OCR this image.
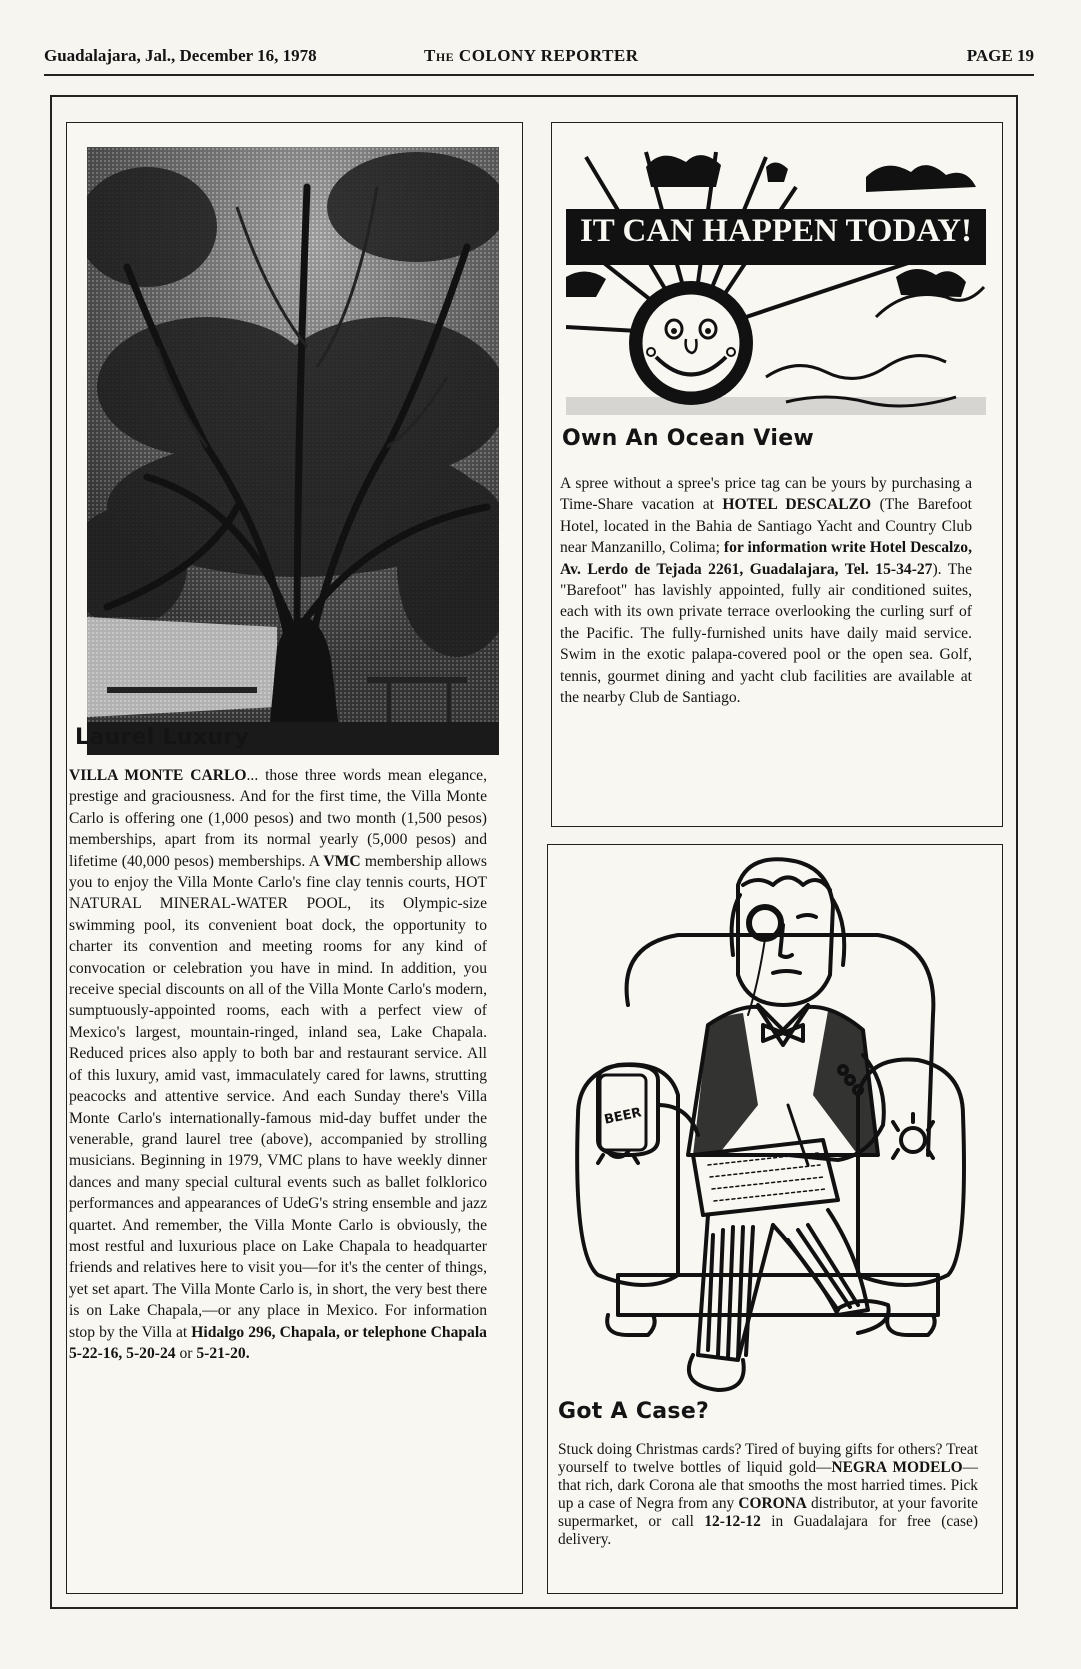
Guadalajara, Jal., December 16, 1978	The COLONY REPORTER	PAGE 19
Laurel Luxury

VILLA MONTE CARLO... those three words mean elegance, prestige and graciousness. And for the first time, the Villa Monte Carlo is offering one (1,000 pesos) and two month (1,500 pesos) memberships, apart from its normal yearly (5,000 pesos) and lifetime (40,000 pesos) memberships. A VMC membership allows you to enjoy the Villa Monte Carlo's fine clay tennis courts, HOT NATURAL MINERAL-WATER POOL, its Olympic-size swimming pool, its convenient boat dock, the opportunity to charter its convention and meeting rooms for any kind of convocation or celebration you have in mind. In addition, you receive special discounts on all of the Villa Monte Carlo's modern, sumptuously-appointed rooms, each with a perfect view of Mexico's largest, mountain-ringed, inland sea, Lake Chapala. Reduced prices also apply to both bar and restaurant service. All of this luxury, amid vast, immaculately cared for lawns, strutting peacocks and attentive service. And each Sunday there's Villa Monte Carlo's internationally-famous mid-day buffet under the venerable, grand laurel tree (above), accompanied by strolling musicians. Beginning in 1979, VMC plans to have weekly dinner dances and many special cultural events such as ballet folklorico performances and appearances of UdeG's string ensemble and jazz quartet. And remember, the Villa Monte Carlo is obviously, the most restful and luxurious place on Lake Chapala to headquarter friends and relatives here to visit you—for it's the center of things, yet set apart. The Villa Monte Carlo is, in short, the very best there is on Lake Chapala,—or any place in Mexico. For information stop by the Villa at Hidalgo 296, Chapala, or telephone Chapala 5-22-16, 5-20-24 or 5-21-20.

IT CAN HAPPEN TODAY!
Own An Ocean View

A spree without a spree's price tag can be yours by purchasing a Time-Share vacation at HOTEL DESCALZO (The Barefoot Hotel, located in the Bahia de Santiago Yacht and Country Club near Manzanillo, Colima; for information write Hotel Descalzo, Av. Lerdo de Tejada 2261, Guadalajara, Tel. 15-34-27). The "Barefoot" has lavishly appointed, fully air conditioned suites, each with its own private terrace overlooking the curling surf of the Pacific. The fully-furnished units have daily maid service. Swim in the exotic palapa-covered pool or the open sea. Golf, tennis, gourmet dining and yacht club facilities are available at the nearby Club de Santiago.

BEER
Got A Case?

Stuck doing Christmas cards? Tired of buying gifts for others? Treat yourself to twelve bottles of liquid gold—NEGRA MODELO—that rich, dark Corona ale that smooths the most harried times. Pick up a case of Negra from any CORONA distributor, at your favorite supermarket, or call 12-12-12 in Guadalajara for free (case) delivery.
